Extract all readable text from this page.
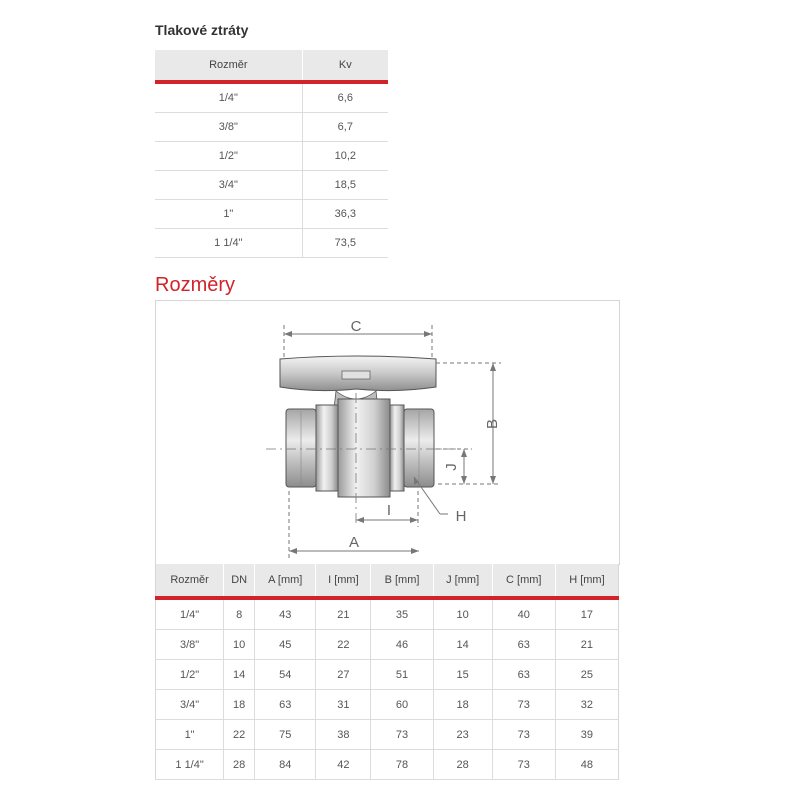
Tlakové ztráty
Rozměr	Kv
1/4"	6,6
3/8"	6,7
1/2"	10,2
3/4"	18,5
1"	36,3
1 1/4"	73,5
Rozměry
C
B
J
H
I
A
Rozměr	DN	A [mm]	I [mm]	B [mm]	J [mm]	C [mm]	H [mm]
1/4"	8	43	21	35	10	40	17
3/8"	10	45	22	46	14	63	21
1/2"	14	54	27	51	15	63	25
3/4"	18	63	31	60	18	73	32
1"	22	75	38	73	23	73	39
1 1/4"	28	84	42	78	28	73	48
